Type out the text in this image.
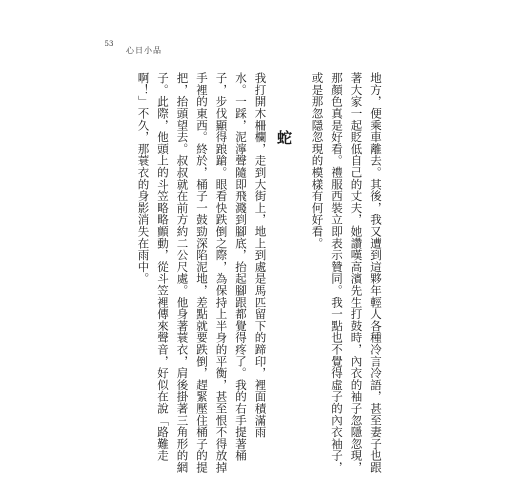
53
心日小品
地方，便乘車離去。其後，我又遭到這夥年輕人各種冷言冷語，甚至妻子也跟
著大家一起貶低自己的丈夫，她讚嘆高濱先生打鼓時，內衣的袖子忽隱忽現，
那顏色真是好看。禮服西裝立即表示贊同。我一點也不覺得虛子的內衣袖子，
或是那忽隱忽現的模樣有何好看。
蛇
我打開木柵欄，走到大街上，地上到處是馬匹留下的蹄印，裡面積滿雨
水。一踩，泥濘聲隨即飛濺到腳底，抬起腳跟都覺得疼了。我的右手提著桶
子，步伐顯得踉蹌。眼看快跌倒之際，為保持上半身的平衡，甚至恨不得放掉
手裡的東西。終於，桶子一鼓勁深陷泥地，差點就要跌倒，趕緊壓住桶子的提
把，抬頭望去。叔叔就在前方約二公尺處。他身著蓑衣，肩後掛著三角形的網
子。此際，他頭上的斗笠略略顫動，從斗笠裡傳來聲音，好似在說「路難走
啊！」不久，那蓑衣的身影消失在雨中。
